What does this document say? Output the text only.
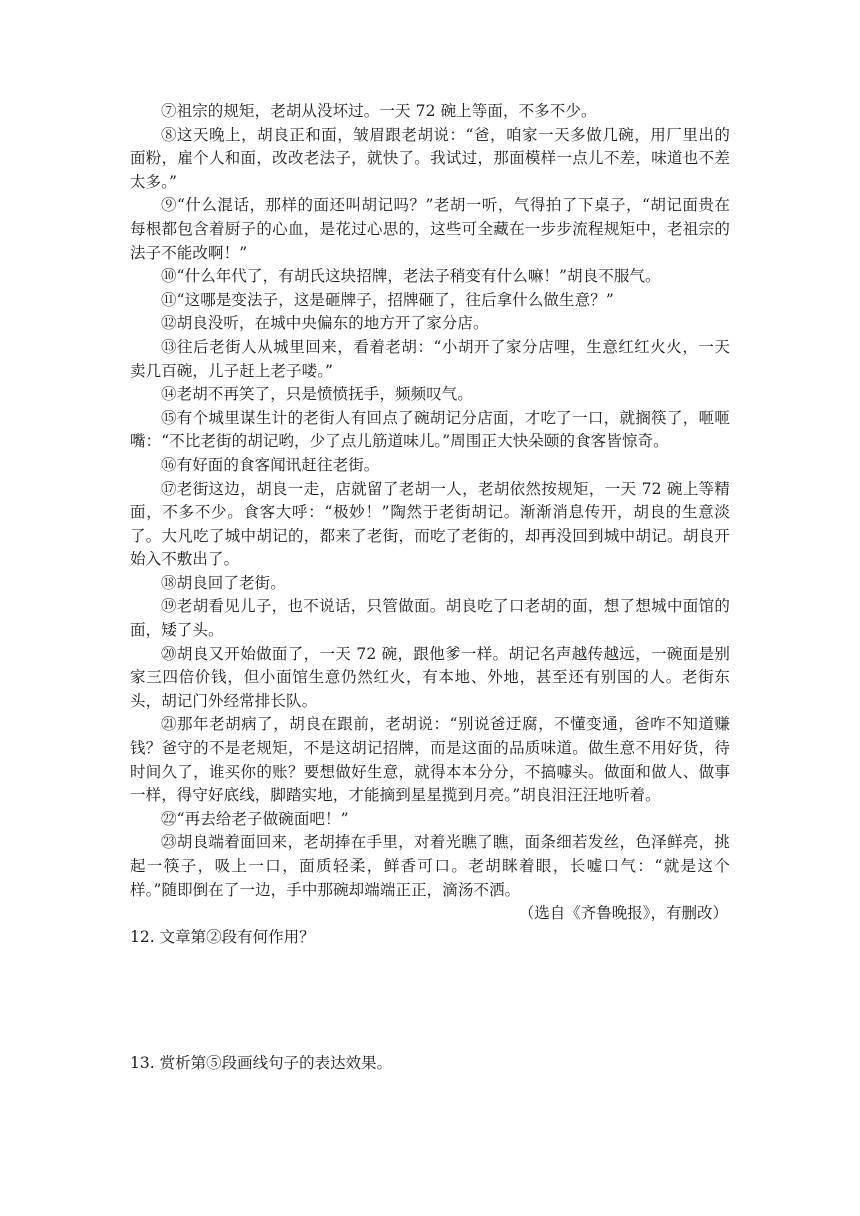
⑦祖宗的规矩，老胡从没坏过。一天 72 碗上等面，不多不少。

⑧这天晚上，胡良正和面，皱眉跟老胡说：“爸，咱家一天多做几碗，用厂里出的面粉，雇个人和面，改改老法子，就快了。我试过，那面模样一点儿不差，味道也不差太多。”

⑨“什么混话，那样的面还叫胡记吗？”老胡一听，气得拍了下桌子，“胡记面贵在每根都包含着厨子的心血，是花过心思的，这些可全藏在一步步流程规矩中，老祖宗的法子不能改啊！”

⑩“什么年代了，有胡氏这块招牌，老法子稍变有什么嘛！”胡良不服气。

⑪“这哪是变法子，这是砸牌子，招牌砸了，往后拿什么做生意？”

⑫胡良没听，在城中央偏东的地方开了家分店。

⑬往后老街人从城里回来，看着老胡：“小胡开了家分店哩，生意红红火火，一天卖几百碗，儿子赶上老子喽。”

⑭老胡不再笑了，只是愤愤抚手，频频叹气。

⑮有个城里谋生计的老街人有回点了碗胡记分店面，才吃了一口，就搁筷了，咂咂嘴：“不比老街的胡记哟，少了点儿筋道味儿。”周围正大快朵颐的食客皆惊奇。

⑯有好面的食客闻讯赶往老街。

⑰老街这边，胡良一走，店就留了老胡一人，老胡依然按规矩，一天 72 碗上等精面，不多不少。食客大呼：“极妙！”陶然于老街胡记。渐渐消息传开，胡良的生意淡了。大凡吃了城中胡记的，都来了老街，而吃了老街的，却再没回到城中胡记。胡良开始入不敷出了。

⑱胡良回了老街。

⑲老胡看见儿子，也不说话，只管做面。胡良吃了口老胡的面，想了想城中面馆的面，矮了头。

⑳胡良又开始做面了，一天 72 碗，跟他爹一样。胡记名声越传越远，一碗面是别家三四倍价钱，但小面馆生意仍然红火，有本地、外地，甚至还有别国的人。老街东头，胡记门外经常排长队。

㉑那年老胡病了，胡良在跟前，老胡说：“别说爸迂腐，不懂变通，爸咋不知道赚钱？爸守的不是老规矩，不是这胡记招牌，而是这面的品质味道。做生意不用好货，待时间久了，谁买你的账？要想做好生意，就得本本分分，不搞噱头。做面和做人、做事一样，得守好底线，脚踏实地，才能摘到星星揽到月亮。”胡良泪汪汪地听着。

㉒“再去给老子做碗面吧！”

㉓胡良端着面回来，老胡捧在手里，对着光瞧了瞧，面条细若发丝，色泽鲜亮，挑起一筷子，吸上一口，面质轻柔，鲜香可口。老胡眯着眼，长嘘口气：“就是这个样。”随即倒在了一边，手中那碗却端端正正，滴汤不洒。

（选自《齐鲁晚报》，有删改）

12. 文章第②段有何作用？

13. 赏析第⑤段画线句子的表达效果。
